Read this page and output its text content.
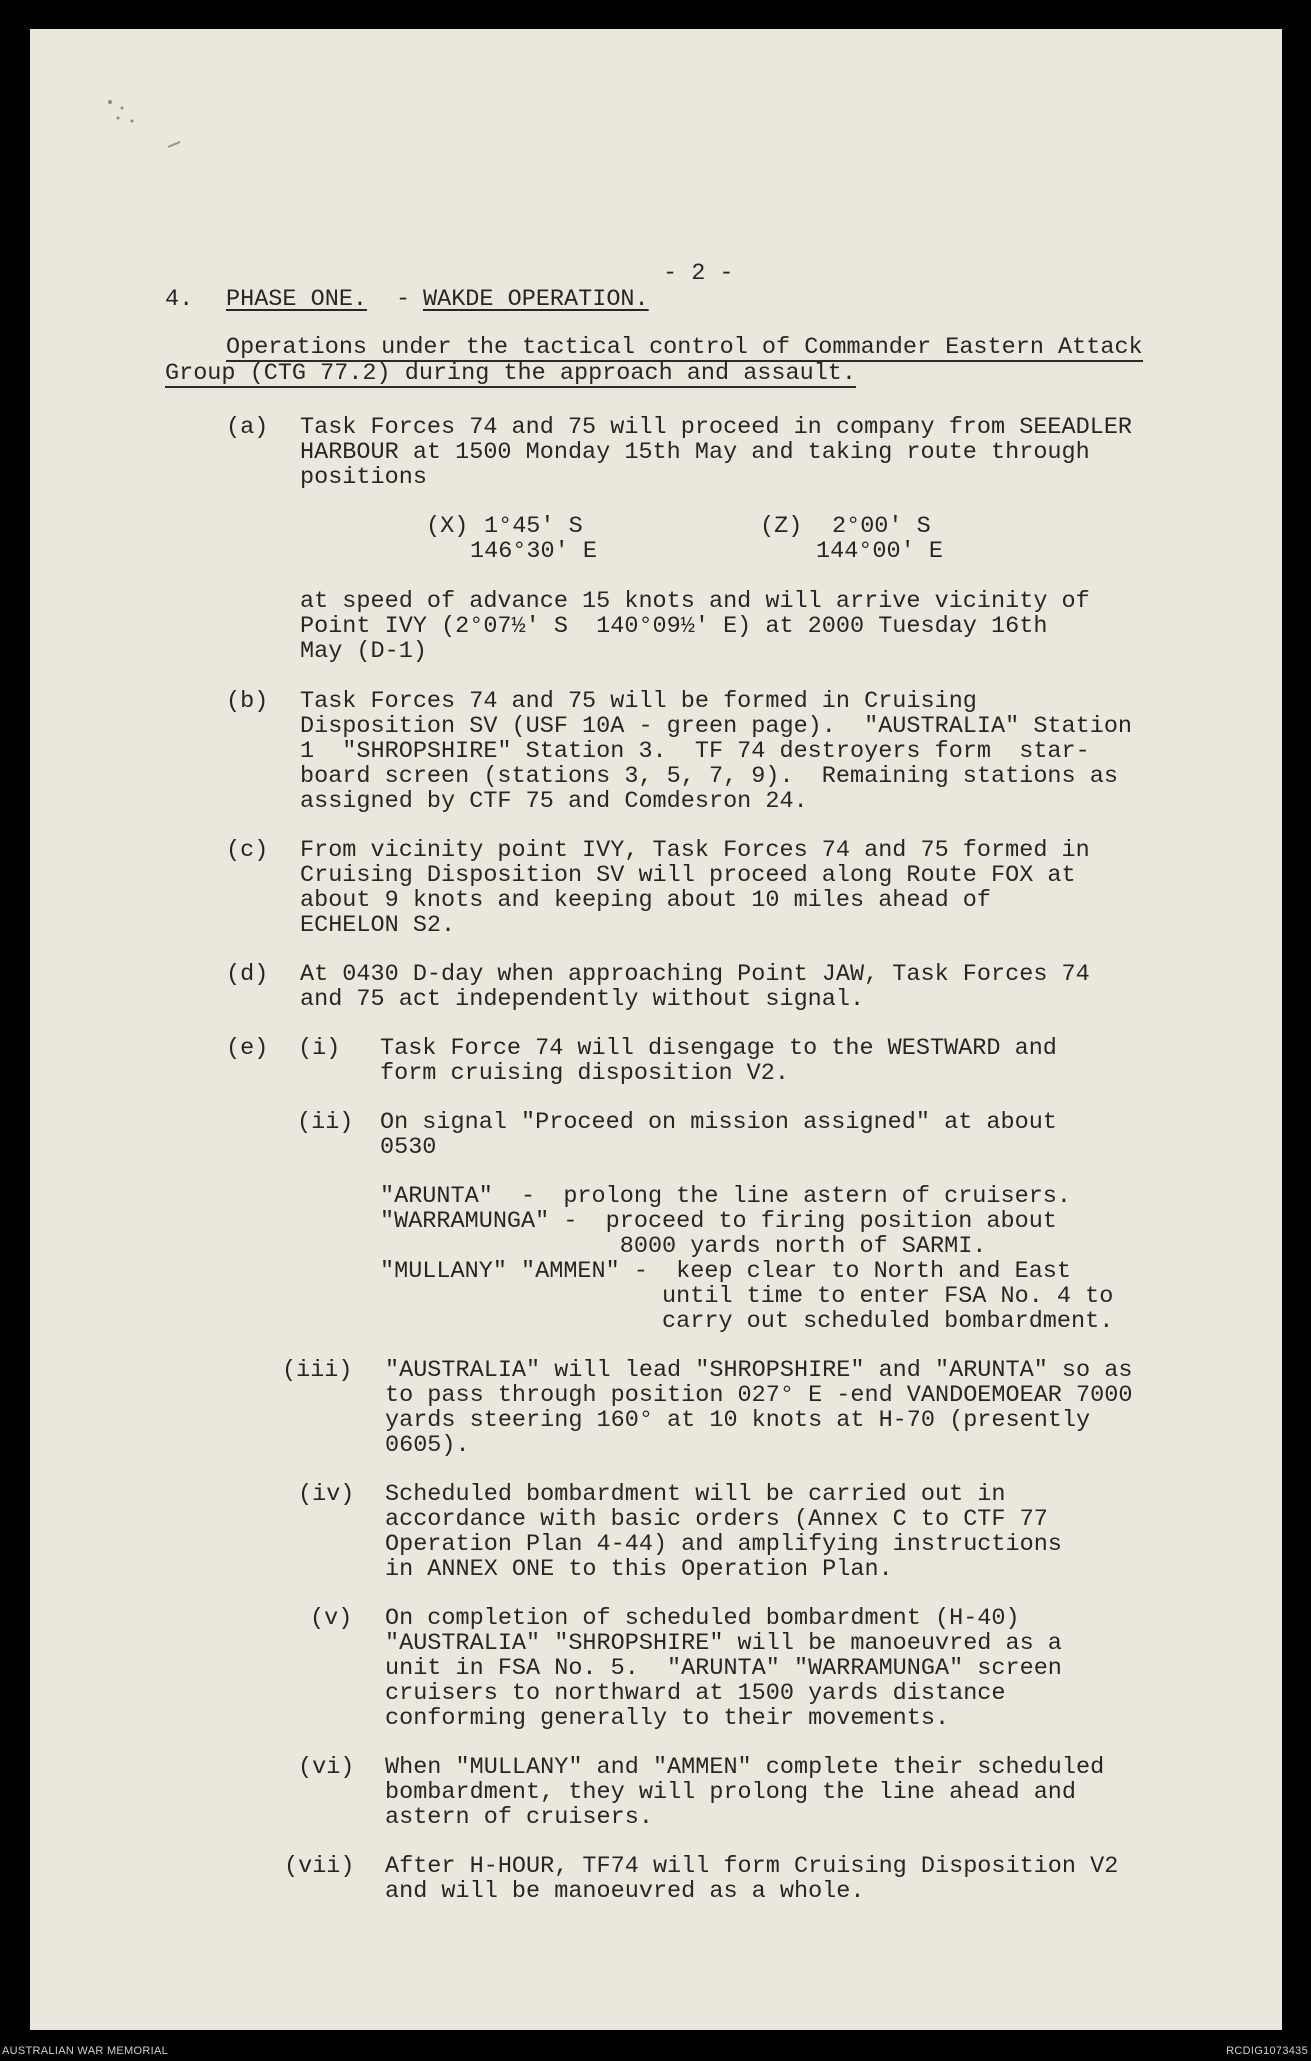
- 2 -
4. PHASE ONE. - WAKDE OPERATION.
Operations under the tactical control of Commander Eastern Attack
Group (CTG 77.2) during the approach and assault.
(a) Task Forces 74 and 75 will proceed in company from SEEADLER
HARBOUR at 1500 Monday 15th May and taking route through
positions
(X) 1°45' S
146°30' E
(Z) 2°00' S
144°00' E
at speed of advance 15 knots and will arrive vicinity of
Point IVY (2°07½' S  140°09½' E) at 2000 Tuesday 16th
May (D-1)
(b) Task Forces 74 and 75 will be formed in Cruising
Disposition SV (USF 10A - green page).  "AUSTRALIA" Station
1  "SHROPSHIRE" Station 3.  TF 74 destroyers form  star-
board screen (stations 3, 5, 7, 9).  Remaining stations as
assigned by CTF 75 and Comdesron 24.
(c) From vicinity point IVY, Task Forces 74 and 75 formed in
Cruising Disposition SV will proceed along Route FOX at
about 9 knots and keeping about 10 miles ahead of
ECHELON S2.
(d) At 0430 D-day when approaching Point JAW, Task Forces 74
and 75 act independently without signal.
(e) (i) Task Force 74 will disengage to the WESTWARD and
form cruising disposition V2.
(ii) On signal "Proceed on mission assigned" at about
0530
"ARUNTA"  -  prolong the line astern of cruisers.
"WARRAMUNGA" -  proceed to firing position about
8000 yards north of SARMI.
"MULLANY" "AMMEN" -  keep clear to North and East
until time to enter FSA No. 4 to
carry out scheduled bombardment.
(iii) "AUSTRALIA" will lead "SHROPSHIRE" and "ARUNTA" so as
to pass through position 027° E -end VANDOEMOEAR 7000
yards steering 160° at 10 knots at H-70 (presently
0605).
(iv) Scheduled bombardment will be carried out in
accordance with basic orders (Annex C to CTF 77
Operation Plan 4-44) and amplifying instructions
in ANNEX ONE to this Operation Plan.
(v) On completion of scheduled bombardment (H-40)
"AUSTRALIA" "SHROPSHIRE" will be manoeuvred as a
unit in FSA No. 5.  "ARUNTA" "WARRAMUNGA" screen
cruisers to northward at 1500 yards distance
conforming generally to their movements.
(vi) When "MULLANY" and "AMMEN" complete their scheduled
bombardment, they will prolong the line ahead and
astern of cruisers.
(vii) After H-HOUR, TF74 will form Cruising Disposition V2
and will be manoeuvred as a whole.
AUSTRALIAN WAR MEMORIAL	RCDIG1073435
